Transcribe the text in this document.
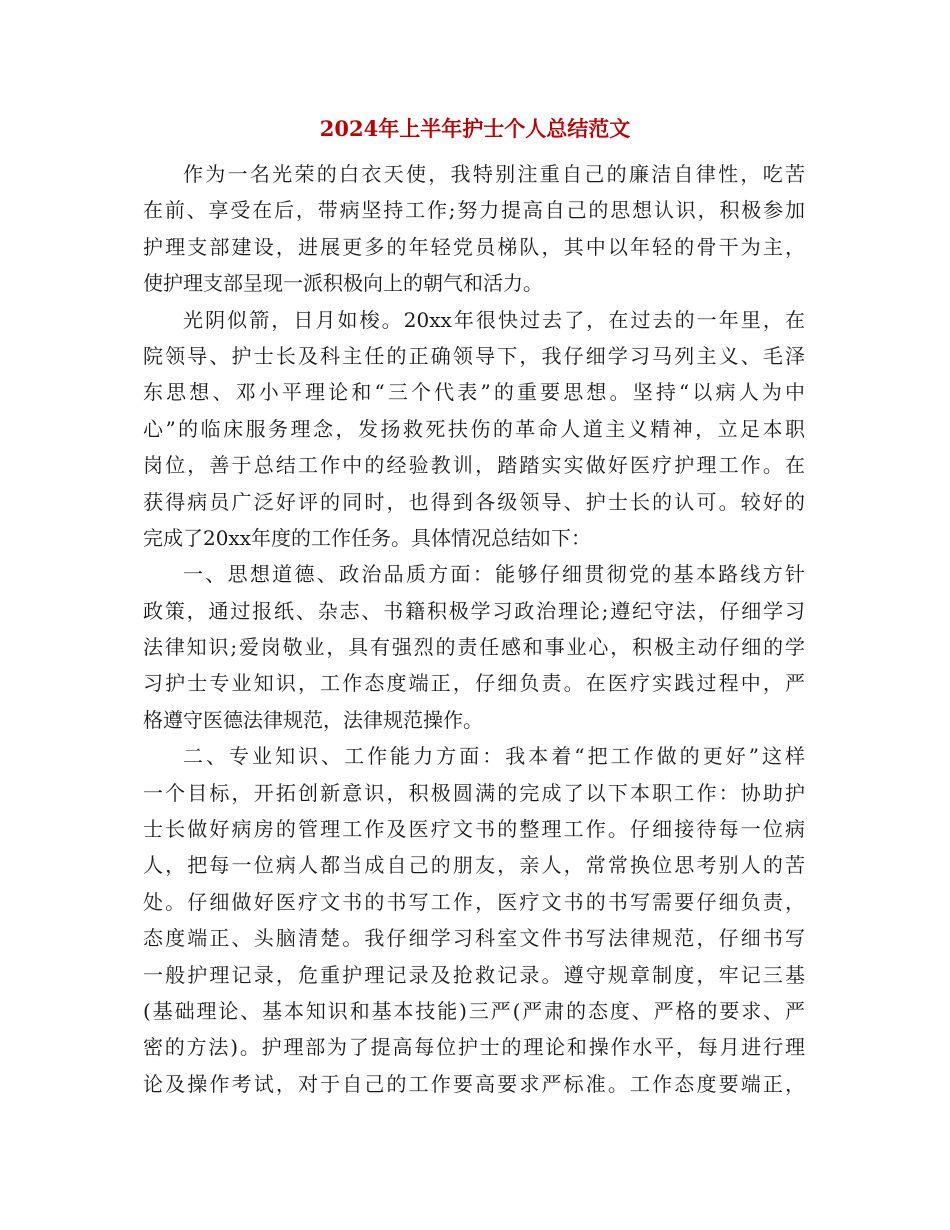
2024年上半年护士个人总结范文
作为一名光荣的白衣天使，我特别注重自己的廉洁自律性，吃苦
在前、享受在后，带病坚持工作;努力提高自己的思想认识，积极参加
护理支部建设，进展更多的年轻党员梯队，其中以年轻的骨干为主，
使护理支部呈现一派积极向上的朝气和活力。
光阴似箭，日月如梭。20xx年很快过去了，在过去的一年里，在
院领导、护士长及科主任的正确领导下，我仔细学习马列主义、毛泽
东思想、邓小平理论和“三个代表”的重要思想。坚持“以病人为中
心”的临床服务理念，发扬救死扶伤的革命人道主义精神，立足本职
岗位，善于总结工作中的经验教训，踏踏实实做好医疗护理工作。在
获得病员广泛好评的同时，也得到各级领导、护士长的认可。较好的
完成了20xx年度的工作任务。具体情况总结如下：
一、思想道德、政治品质方面：能够仔细贯彻党的基本路线方针
政策，通过报纸、杂志、书籍积极学习政治理论;遵纪守法，仔细学习
法律知识;爱岗敬业，具有强烈的责任感和事业心，积极主动仔细的学
习护士专业知识，工作态度端正，仔细负责。在医疗实践过程中，严
格遵守医德法律规范，法律规范操作。
二、专业知识、工作能力方面：我本着“把工作做的更好”这样
一个目标，开拓创新意识，积极圆满的完成了以下本职工作：协助护
士长做好病房的管理工作及医疗文书的整理工作。仔细接待每一位病
人，把每一位病人都当成自己的朋友，亲人，常常换位思考别人的苦
处。仔细做好医疗文书的书写工作，医疗文书的书写需要仔细负责，
态度端正、头脑清楚。我仔细学习科室文件书写法律规范，仔细书写
一般护理记录，危重护理记录及抢救记录。遵守规章制度，牢记三基
(基础理论、基本知识和基本技能)三严(严肃的态度、严格的要求、严
密的方法)。护理部为了提高每位护士的理论和操作水平，每月进行理
论及操作考试，对于自己的工作要高要求严标准。工作态度要端正，
